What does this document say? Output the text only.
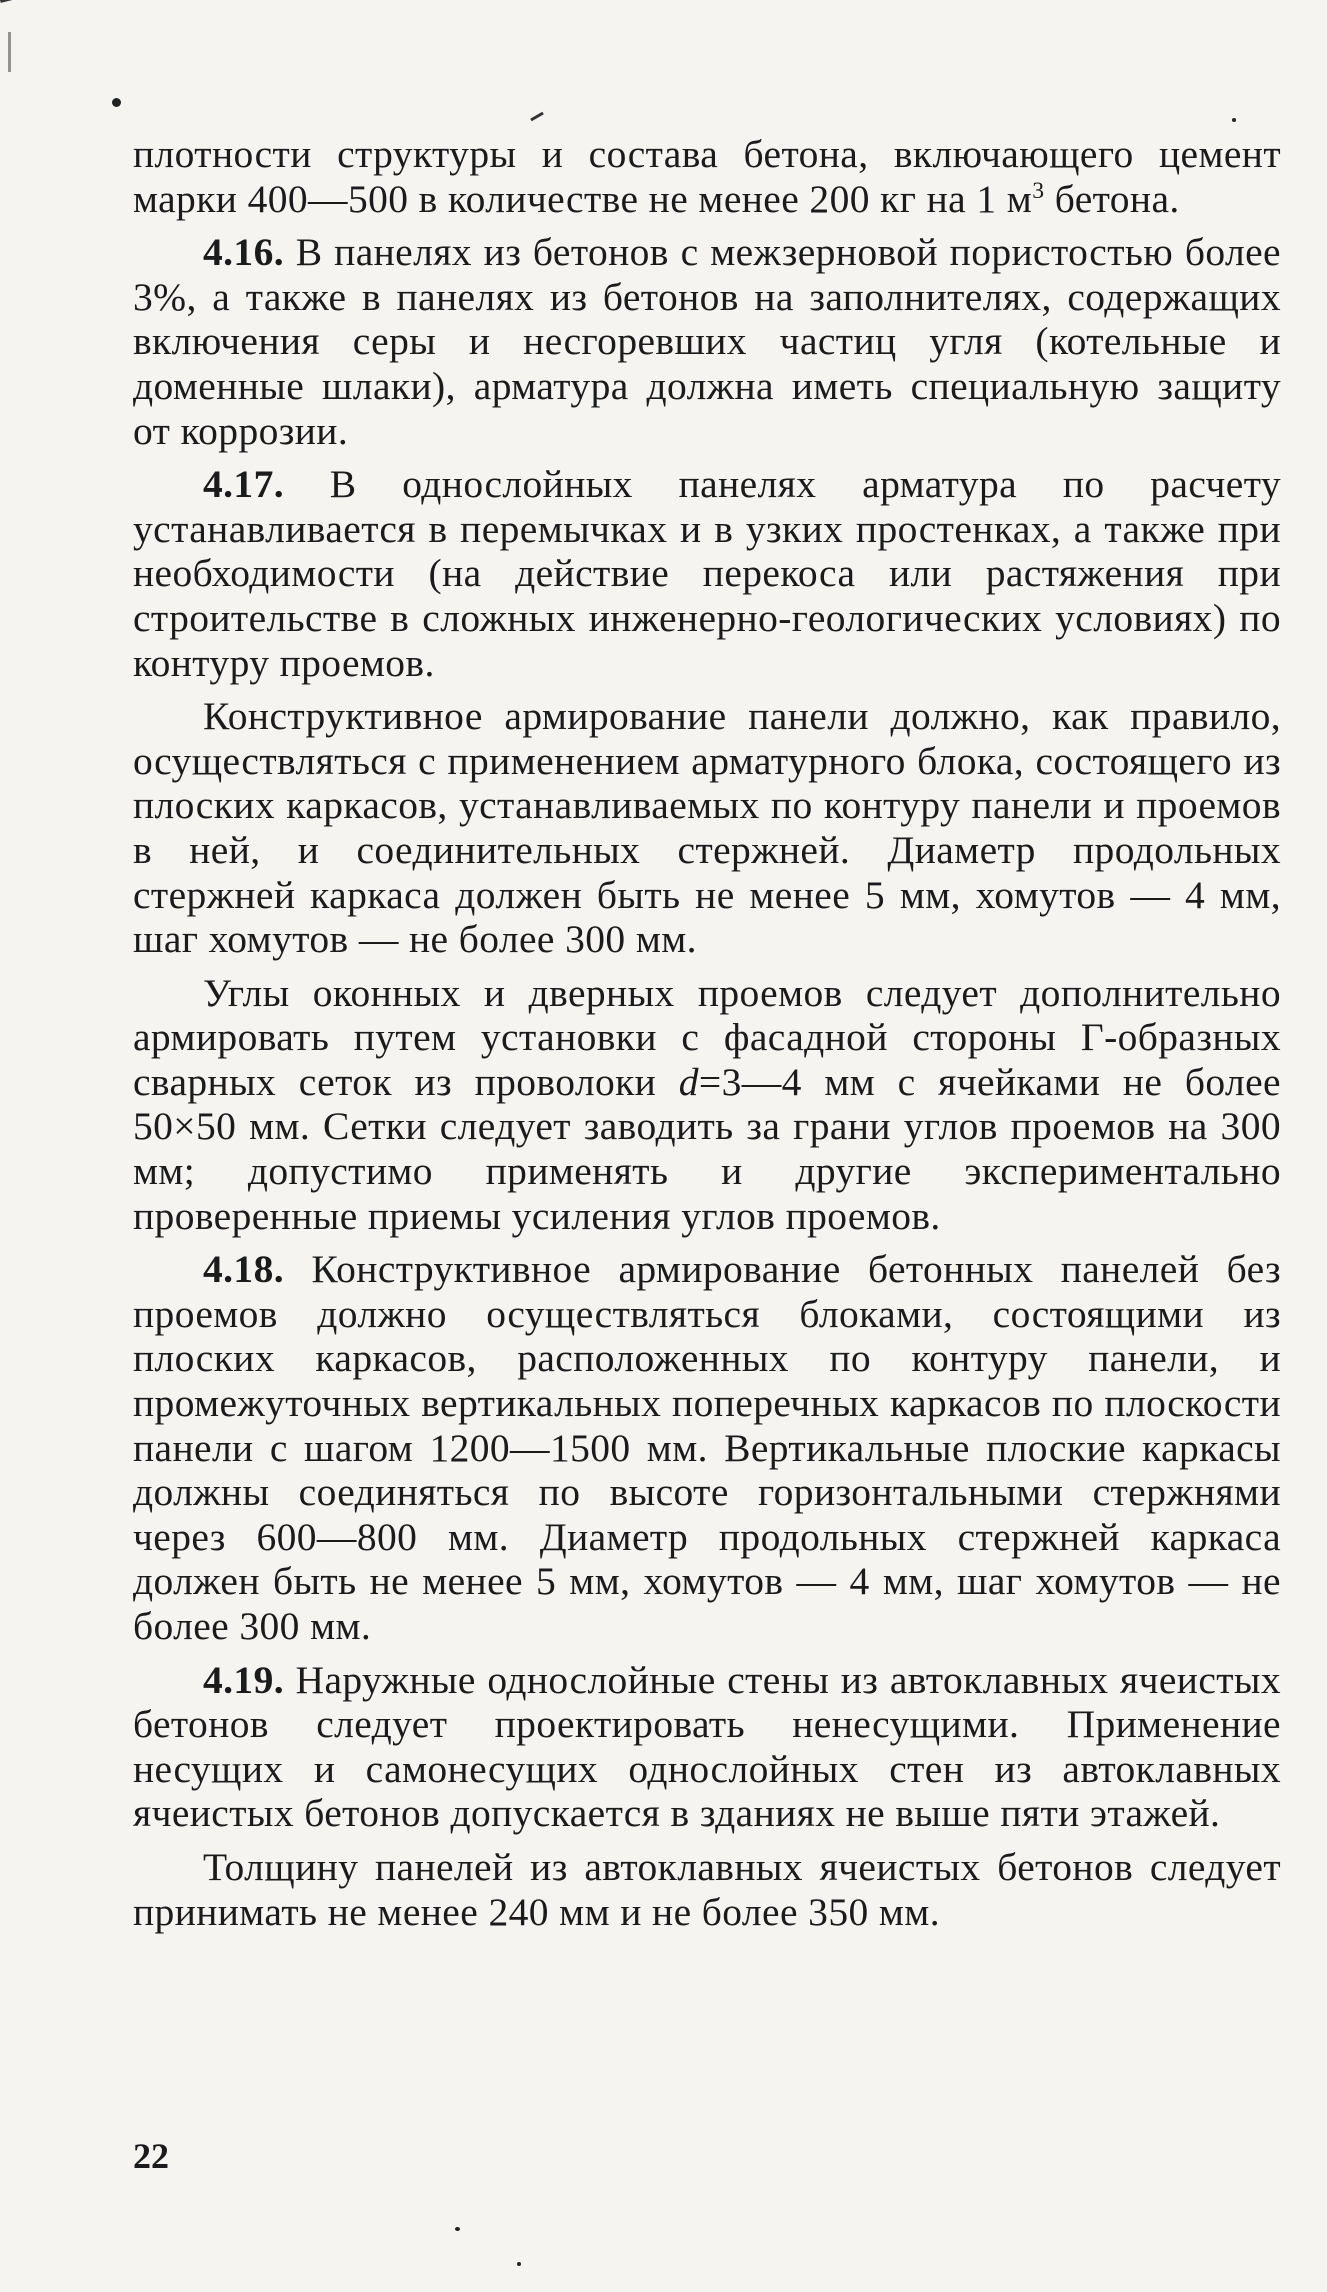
плотности структуры и состава бетона, включающего цемент марки 400—500 в количестве не менее 200 кг на 1 $м^3$ бетона.

4.16. В панелях из бетонов с межзерновой пористостью более 3%, а также в панелях из бетонов на заполнителях, содержащих включения серы и несгоревших частиц угля (котельные и доменные шлаки), арматура должна иметь специальную защиту от коррозии.

4.17. В однослойных панелях арматура по расчету устанавливается в перемычках и в узких простенках, а также при необходимости (на действие перекоса или растяжения при строительстве в сложных инженерно-геологических условиях) по контуру проемов.

Конструктивное армирование панели должно, как правило, осуществляться с применением арматурного блока, состоящего из плоских каркасов, устанавливаемых по контуру панели и проемов в ней, и соединительных стержней. Диаметр продольных стержней каркаса должен быть не менее 5 мм, хомутов — 4 мм, шаг хомутов — не более 300 мм.

Углы оконных и дверных проемов следует дополнительно армировать путем установки с фасадной стороны Г-образных сварных сеток из проволоки d=3—4 мм с ячейками не более 50×50 мм. Сетки следует заводить за грани углов проемов на 300 мм; допустимо применять и другие экспериментально проверенные приемы усиления углов проемов.

4.18. Конструктивное армирование бетонных панелей без проемов должно осуществляться блоками, состоящими из плоских каркасов, расположенных по контуру панели, и промежуточных вертикальных поперечных каркасов по плоскости панели с шагом 1200—1500 мм. Вертикальные плоские каркасы должны соединяться по высоте горизонтальными стержнями через 600—800 мм. Диаметр продольных стержней каркаса должен быть не менее 5 мм, хомутов — 4 мм, шаг хомутов — не более 300 мм.

4.19. Наружные однослойные стены из автоклавных ячеистых бетонов следует проектировать ненесущими. Применение несущих и самонесущих однослойных стен из автоклавных ячеистых бетонов допускается в зданиях не выше пяти этажей.

Толщину панелей из автоклавных ячеистых бетонов следует принимать не менее 240 мм и не более 350 мм.

22
